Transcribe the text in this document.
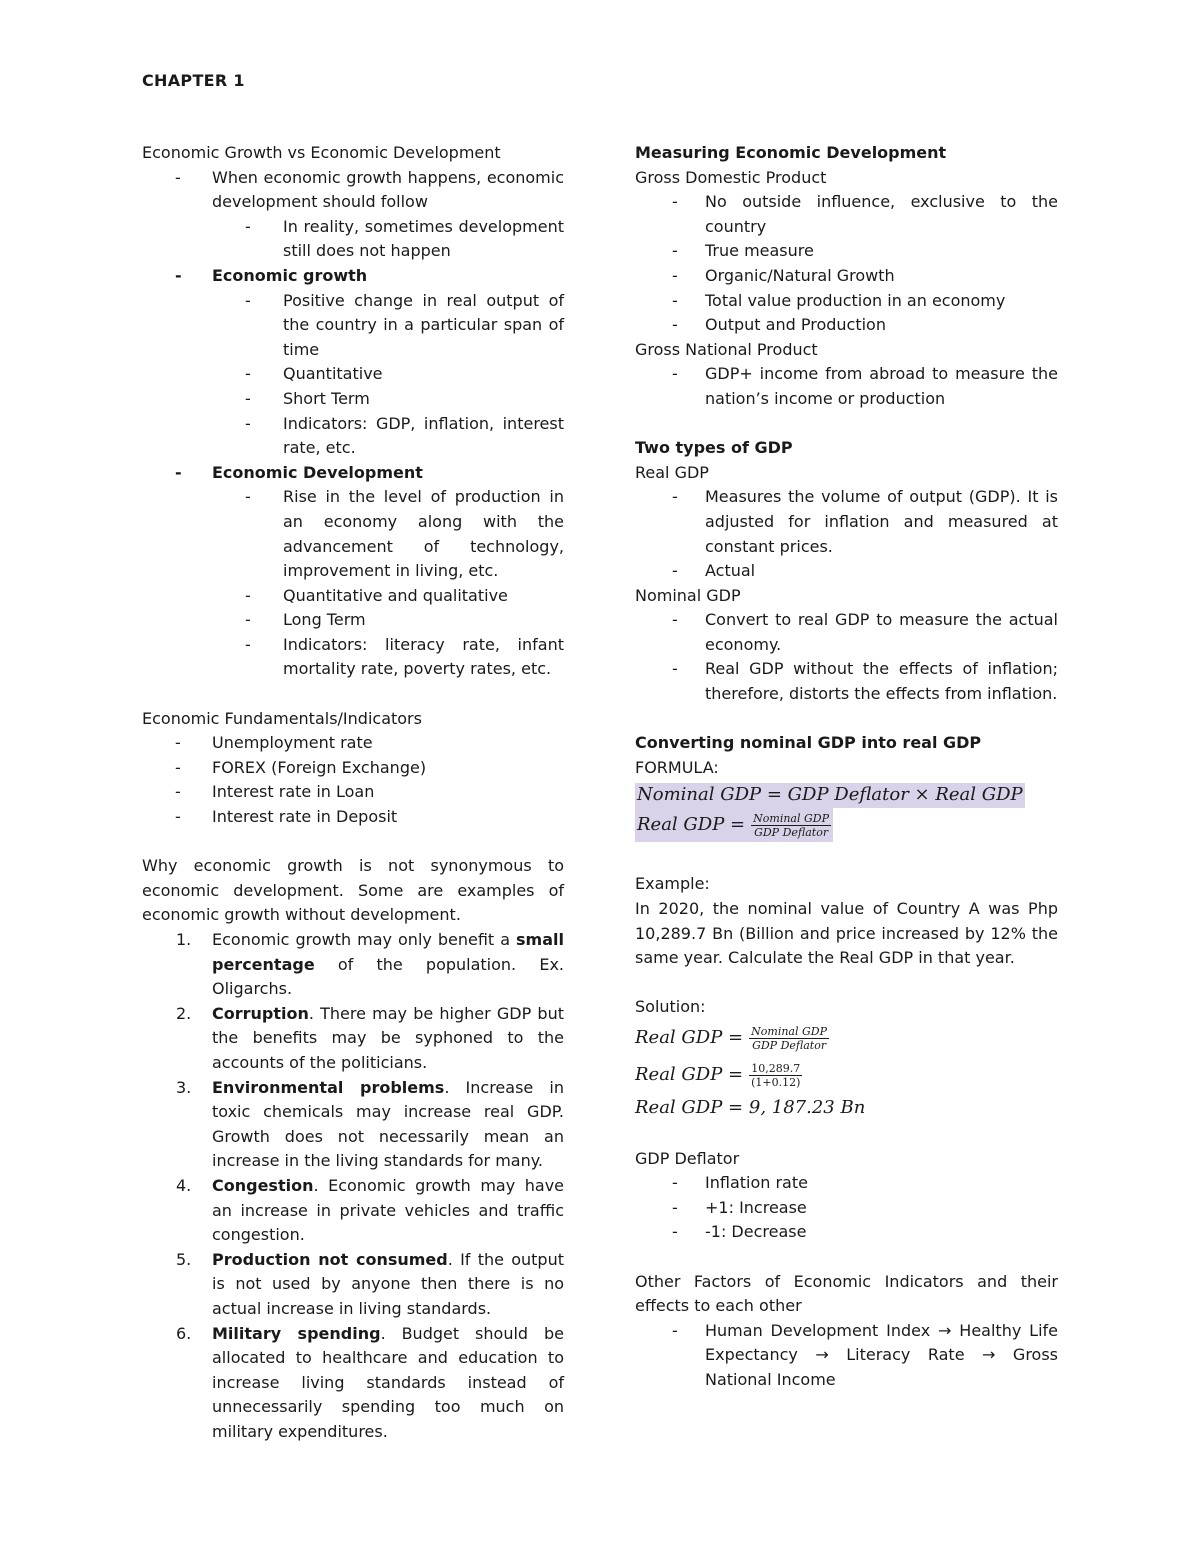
CHAPTER 1

Economic Growth vs Economic Development

-	When economic growth happens, economic development should follow
-	In reality, sometimes development still does not happen
-	Economic growth
-	Positive change in real output of the country in a particular span of time
-	Quantitative
-	Short Term
-	Indicators: GDP, inflation, interest rate, etc.
-	Economic Development
-	Rise in the level of production in an economy along with the advancement of technology, improvement in living, etc.
-	Quantitative and qualitative
-	Long Term
-	Indicators: literacy rate, infant mortality rate, poverty rates, etc.

Economic Fundamentals/Indicators

-	Unemployment rate
-	FOREX (Foreign Exchange)
-	Interest rate in Loan
-	Interest rate in Deposit

Why economic growth is not synonymous to economic development. Some are examples of economic growth without development.

1.	Economic growth may only benefit a small percentage of the population. Ex. Oligarchs.
2.	Corruption. There may be higher GDP but the benefits may be syphoned to the accounts of the politicians.
3.	Environmental problems. Increase in toxic chemicals may increase real GDP. Growth does not necessarily mean an increase in the living standards for many.
4.	Congestion. Economic growth may have an increase in private vehicles and traffic congestion.
5.	Production not consumed. If the output is not used by anyone then there is no actual increase in living standards.
6.	Military spending. Budget should be allocated to healthcare and education to increase living standards instead of unnecessarily spending too much on military expenditures.

Measuring Economic Development

Gross Domestic Product

-	No outside influence, exclusive to the country
-	True measure
-	Organic/Natural Growth
-	Total value production in an economy
-	Output and Production

Gross National Product

-	GDP+ income from abroad to measure the nation’s income or production

Two types of GDP

Real GDP

-	Measures the volume of output (GDP). It is adjusted for inflation and measured at constant prices.
-	Actual

Nominal GDP

-	Convert to real GDP to measure the actual economy.
-	Real GDP without the effects of inflation; therefore, distorts the effects from inflation.

Converting nominal GDP into real GDP

FORMULA:

Nominal GDP = GDP Deflator × Real GDP
Real GDP = $\frac{\text{Nominal GDP}}{\text{GDP Deflator}}$

Example:

In 2020, the nominal value of Country A was Php 10,289.7 Bn (Billion and price increased by 12% the same year. Calculate the Real GDP in that year.

Solution:

Real GDP = $\frac{\text{Nominal GDP}}{\text{GDP Deflator}}$
Real GDP = $\frac{10,289.7}{(1+0.12)}$
Real GDP = 9, 187.23 Bn

GDP Deflator

-	Inflation rate
-	+1: Increase
-	-1: Decrease

Other Factors of Economic Indicators and their effects to each other

-	Human Development Index → Healthy Life Expectancy → Literacy Rate → Gross National Income
